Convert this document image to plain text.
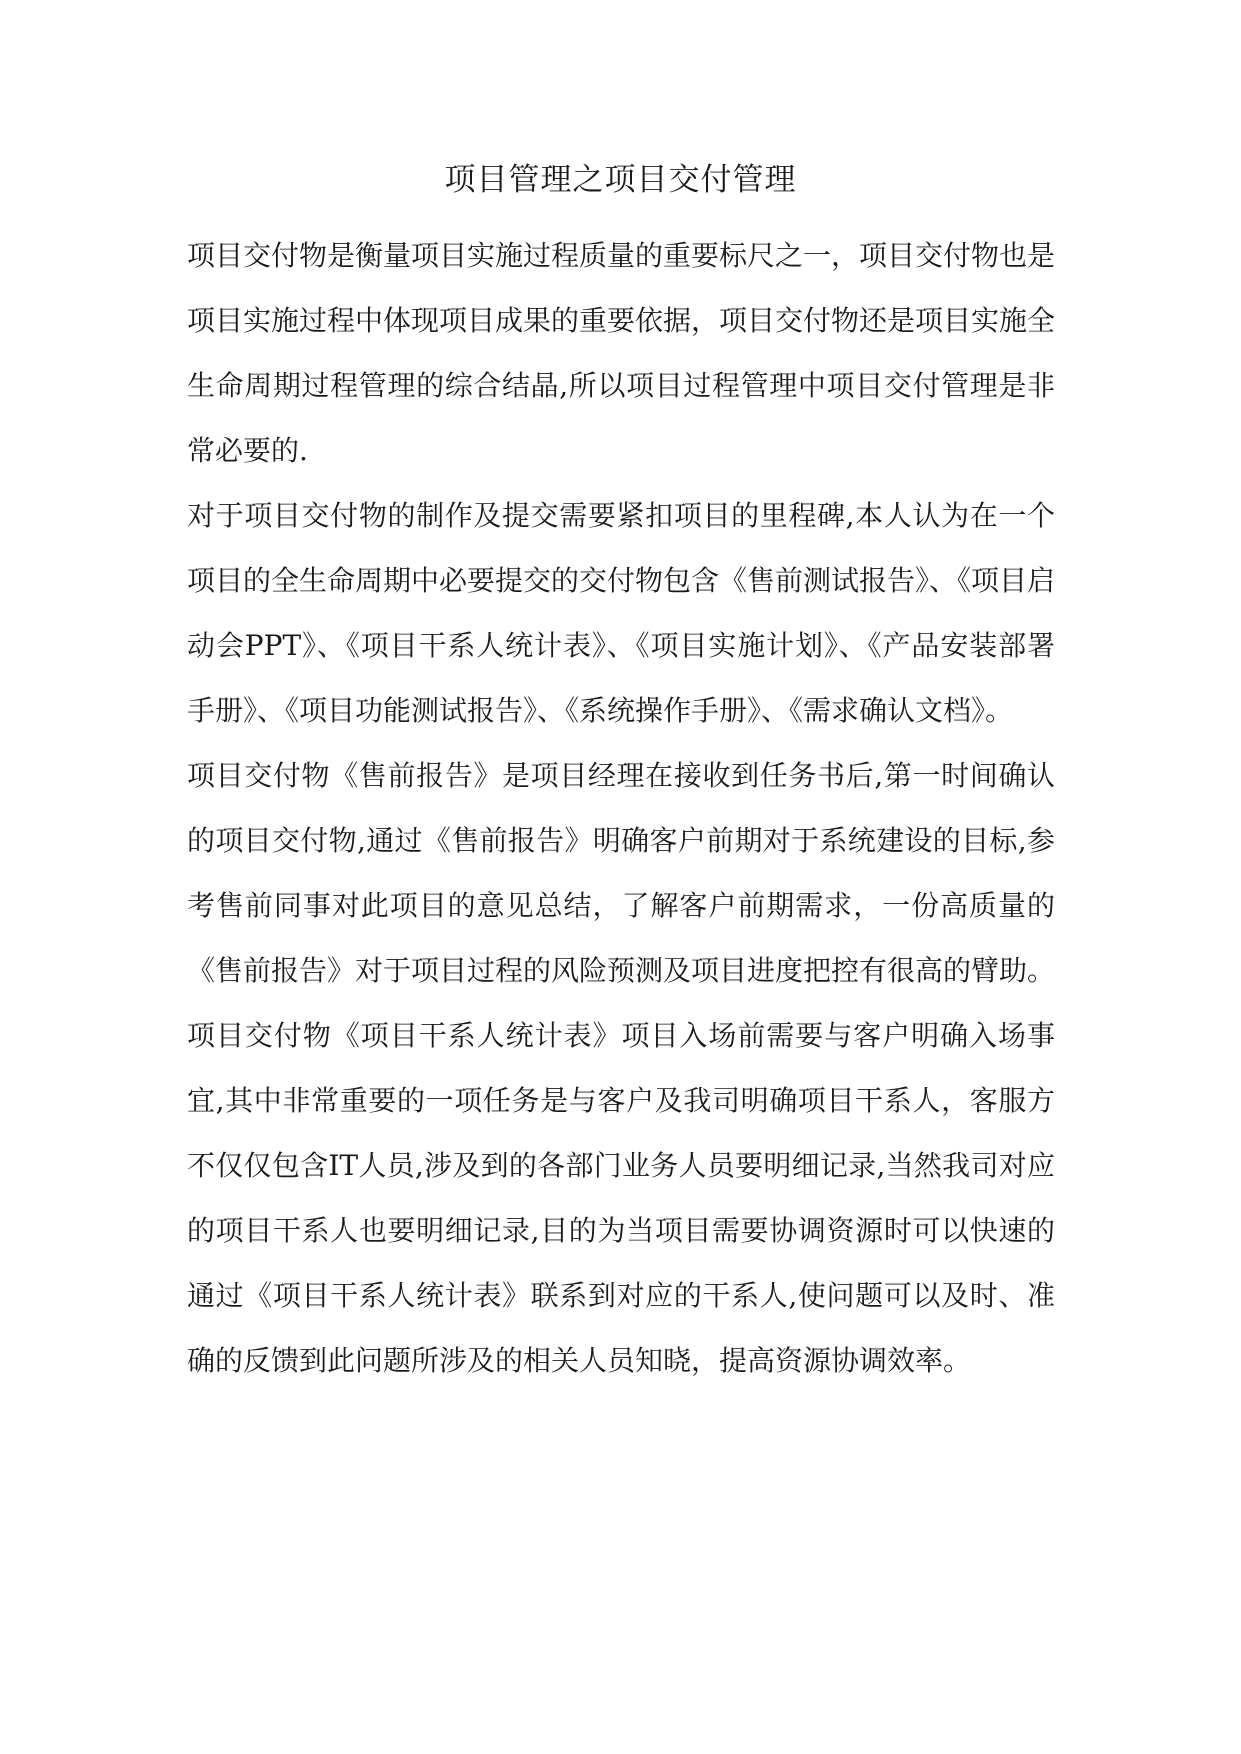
项目管理之项目交付管理

项目交付物是衡量项目实施过程质量的重要标尺之一，项目交付物也是项目实施过程中体现项目成果的重要依据，项目交付物还是项目实施全生命周期过程管理的综合结晶,所以项目过程管理中项目交付管理是非常必要的.

对于项目交付物的制作及提交需要紧扣项目的里程碑,本人认为在一个项目的全生命周期中必要提交的交付物包含《售前测试报告》、《项目启动会PPT》、《项目干系人统计表》、《项目实施计划》、《产品安装部署手册》、《项目功能测试报告》、《系统操作手册》、《需求确认文档》。

项目交付物《售前报告》是项目经理在接收到任务书后,第一时间确认的项目交付物,通过《售前报告》明确客户前期对于系统建设的目标,参考售前同事对此项目的意见总结，了解客户前期需求，一份高质量的《售前报告》对于项目过程的风险预测及项目进度把控有很高的臂助。

项目交付物《项目干系人统计表》项目入场前需要与客户明确入场事宜,其中非常重要的一项任务是与客户及我司明确项目干系人，客服方不仅仅包含IT人员,涉及到的各部门业务人员要明细记录,当然我司对应的项目干系人也要明细记录,目的为当项目需要协调资源时可以快速的通过《项目干系人统计表》联系到对应的干系人,使问题可以及时、准确的反馈到此问题所涉及的相关人员知晓，提高资源协调效率。
